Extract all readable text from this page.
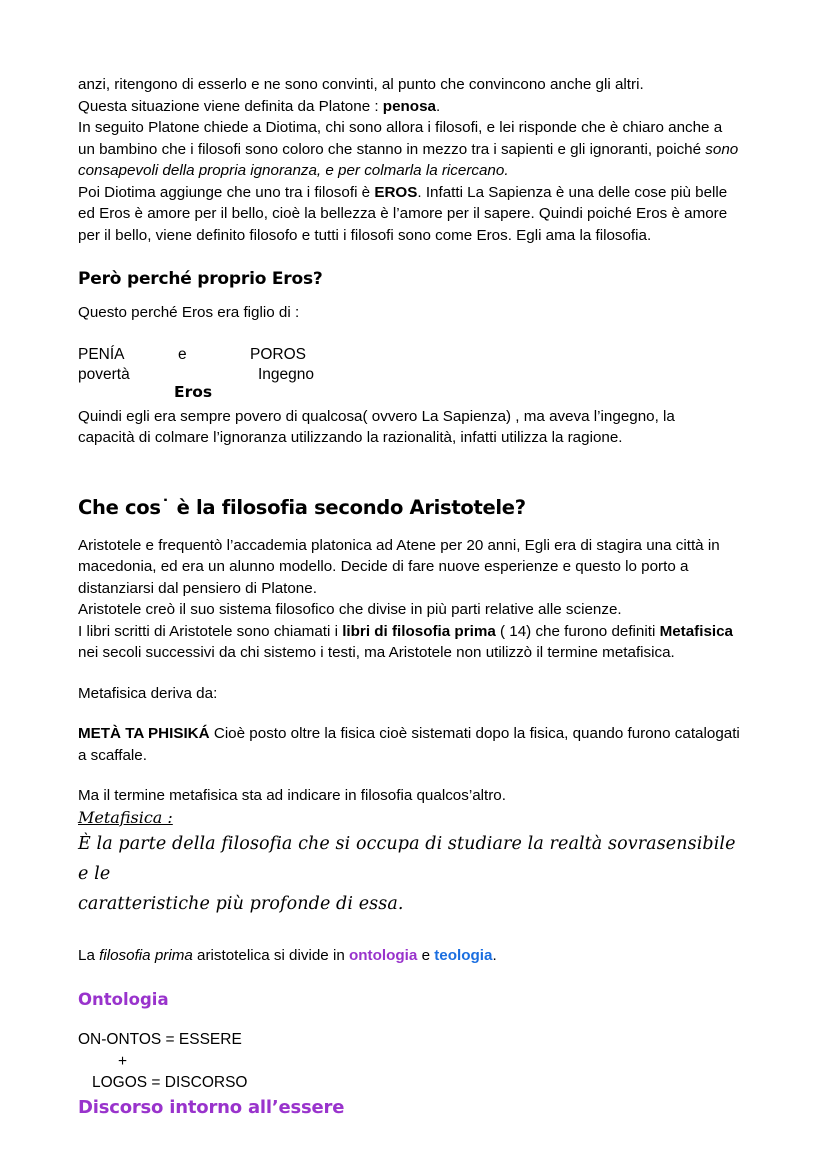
anzi, ritengono di esserlo e ne sono convinti, al punto che convincono anche gli altri.
Questa situazione viene definita da Platone : penosa.
In seguito Platone chiede a Diotima, chi sono allora i filosofi, e lei risponde che è chiaro anche a un bambino che i filosofi sono coloro che stanno in mezzo tra i sapienti e gli ignoranti, poiché sono consapevoli della propria ignoranza, e per colmarla la ricercano.
Poi Diotima aggiunge che uno tra i filosofi è EROS. Infatti La Sapienza è una delle cose più belle ed Eros è amore per il bello, cioè la bellezza è l’amore per il sapere. Quindi poiché Eros è amore per il bello, viene definito filosofo e tutti i filosofi sono come Eros. Egli ama la filosofia.
Però perché proprio Eros?
Questo perché Eros era figlio di :
PENÍA
povertà
e	POROS
Ingegno
Eros
Quindi egli era sempre povero di qualcosa( ovvero La Sapienza) , ma aveva l’ingegno, la
capacità di colmare l’ignoranza utilizzando la razionalità, infatti utilizza la ragione.
Che cos˙ è la filosofia secondo Aristotele?
Aristotele e frequentò l’accademia platonica ad Atene per 20 anni, Egli era di stagira una città in macedonia, ed era un alunno modello. Decide di fare nuove esperienze e questo lo porto a distanziarsi dal pensiero di Platone.
Aristotele creò il suo sistema filosofico che divise in più parti relative alle scienze.
I libri scritti di Aristotele sono chiamati i libri di filosofia prima ( 14) che furono definiti Metafisica nei secoli successivi da chi sistemo i testi, ma Aristotele non utilizzò il termine metafisica.
Metafisica deriva da:
METÀ TA PHISIKÁ Cioè posto oltre la fisica cioè sistemati dopo la fisica, quando furono catalogati a scaffale.
Ma il termine metafisica sta ad indicare in filosofia qualcos’altro.
Metafisica :
È la parte della filosofia che si occupa di studiare la realtà sovrasensibile e le
caratteristiche più profonde di essa.
La filosofia prima aristotelica si divide in ontologia e teologia.
Ontologia
ON-ONTOS = ESSERE
+
LOGOS = DISCORSO
Discorso intorno all’essere
